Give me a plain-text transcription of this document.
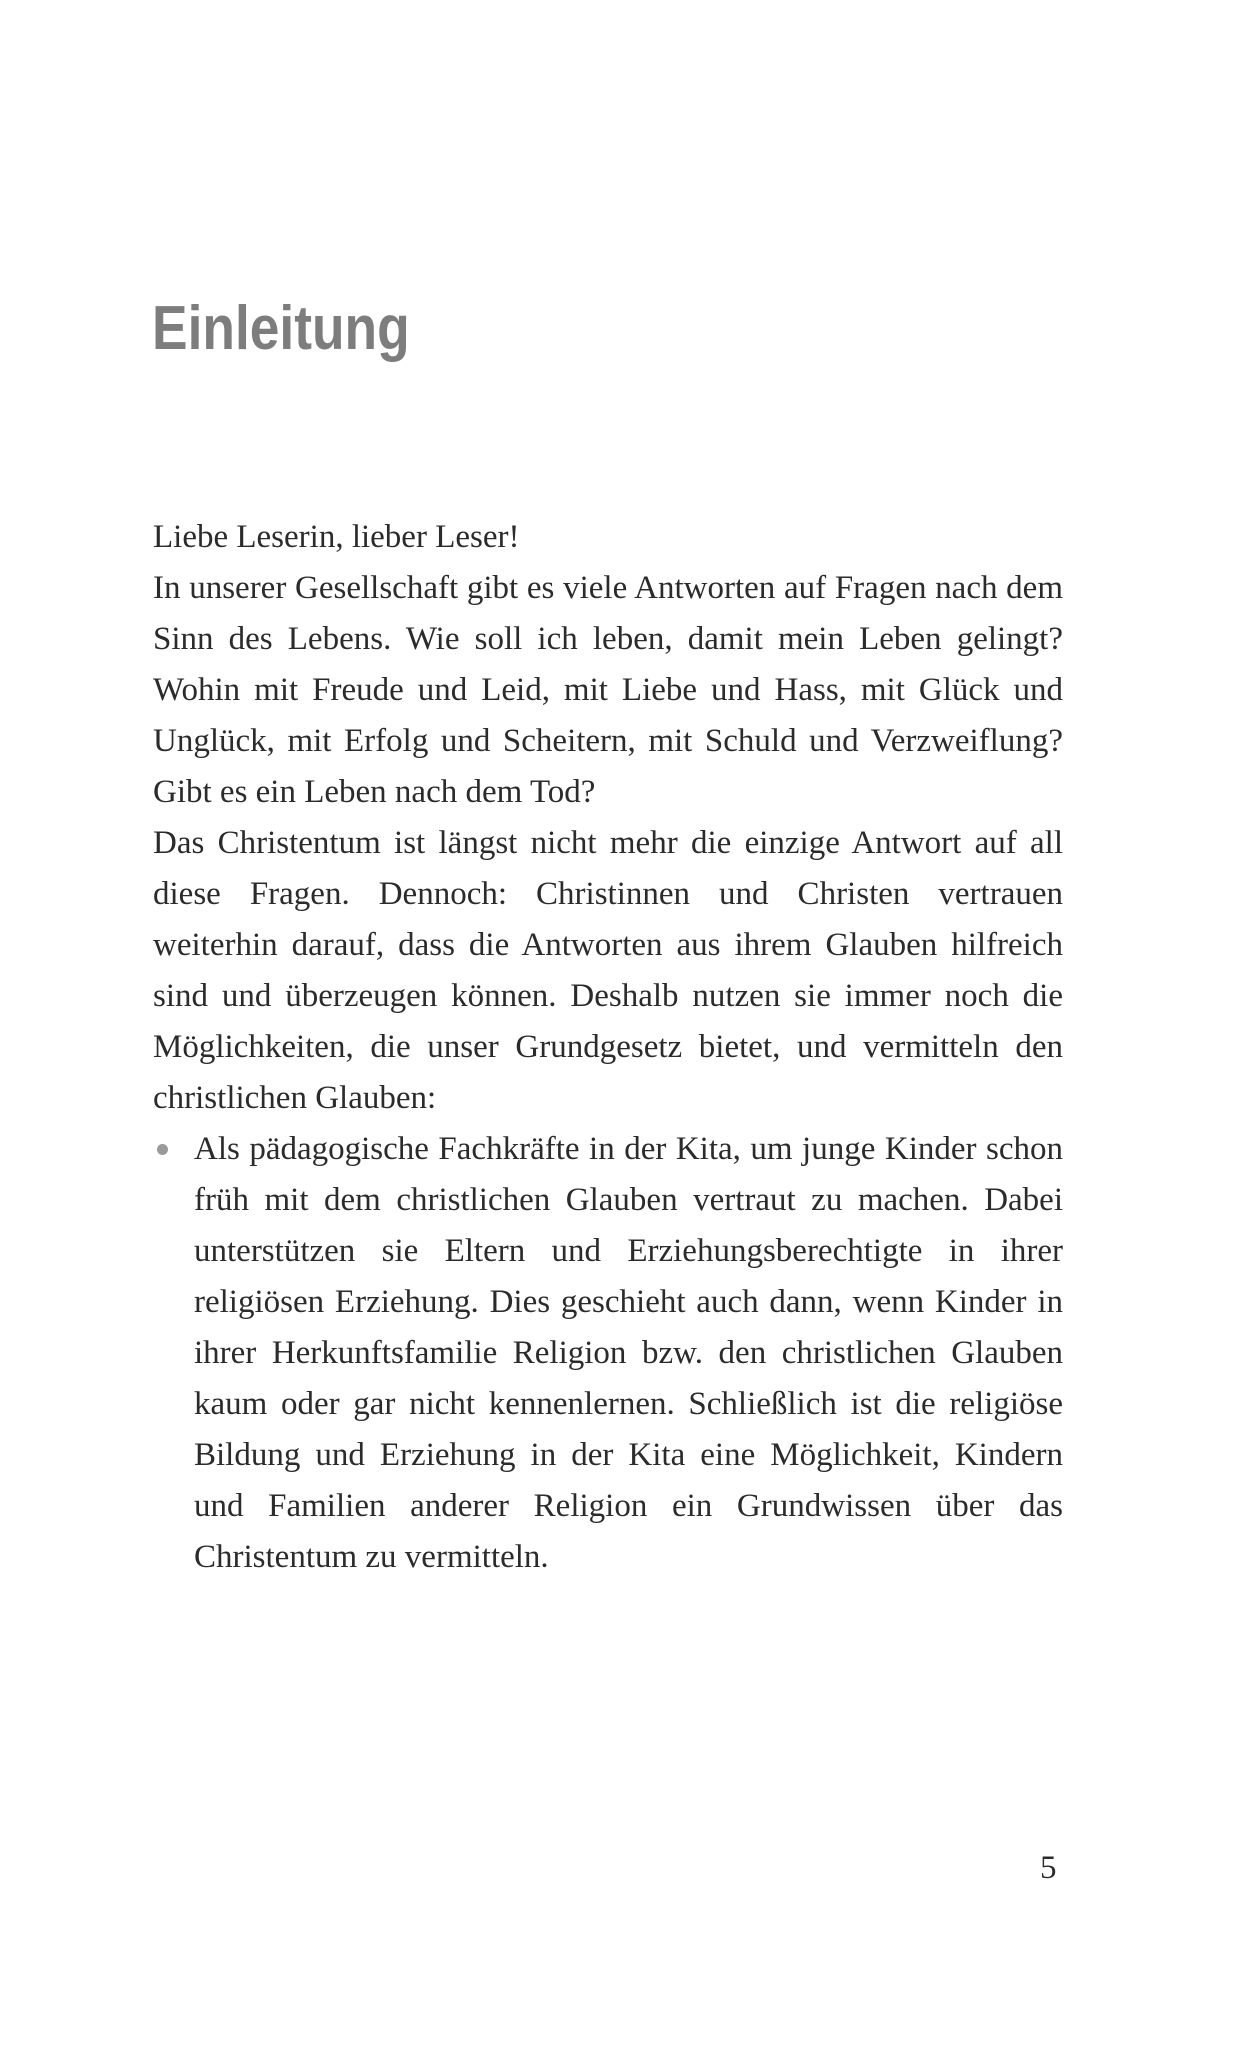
Einleitung

Liebe Leserin, lieber Leser!

In unserer Gesellschaft gibt es viele Antworten auf Fragen nach dem Sinn des Lebens. Wie soll ich leben, damit mein Leben gelingt? Wohin mit Freude und Leid, mit Liebe und Hass, mit Glück und Unglück, mit Erfolg und Scheitern, mit Schuld und Verzweiflung? Gibt es ein Leben nach dem Tod?

Das Christentum ist längst nicht mehr die einzige Antwort auf all diese Fragen. Dennoch: Christinnen und Christen vertrauen weiterhin darauf, dass die Antworten aus ihrem Glauben hilfreich sind und überzeugen können. Deshalb nutzen sie immer noch die Möglichkeiten, die unser Grundgesetz bietet, und vermitteln den christlichen Glauben:

Als pädagogische Fachkräfte in der Kita, um junge Kinder schon früh mit dem christlichen Glauben vertraut zu machen. Dabei unterstützen sie Eltern und Erziehungsberechtigte in ihrer religiösen Erziehung. Dies geschieht auch dann, wenn Kinder in ihrer Herkunftsfamilie Religion bzw. den christlichen Glauben kaum oder gar nicht kennenlernen. Schließlich ist die religiöse Bildung und Erziehung in der Kita eine Möglichkeit, Kindern und Familien anderer Religion ein Grundwissen über das Christentum zu vermitteln.
5
